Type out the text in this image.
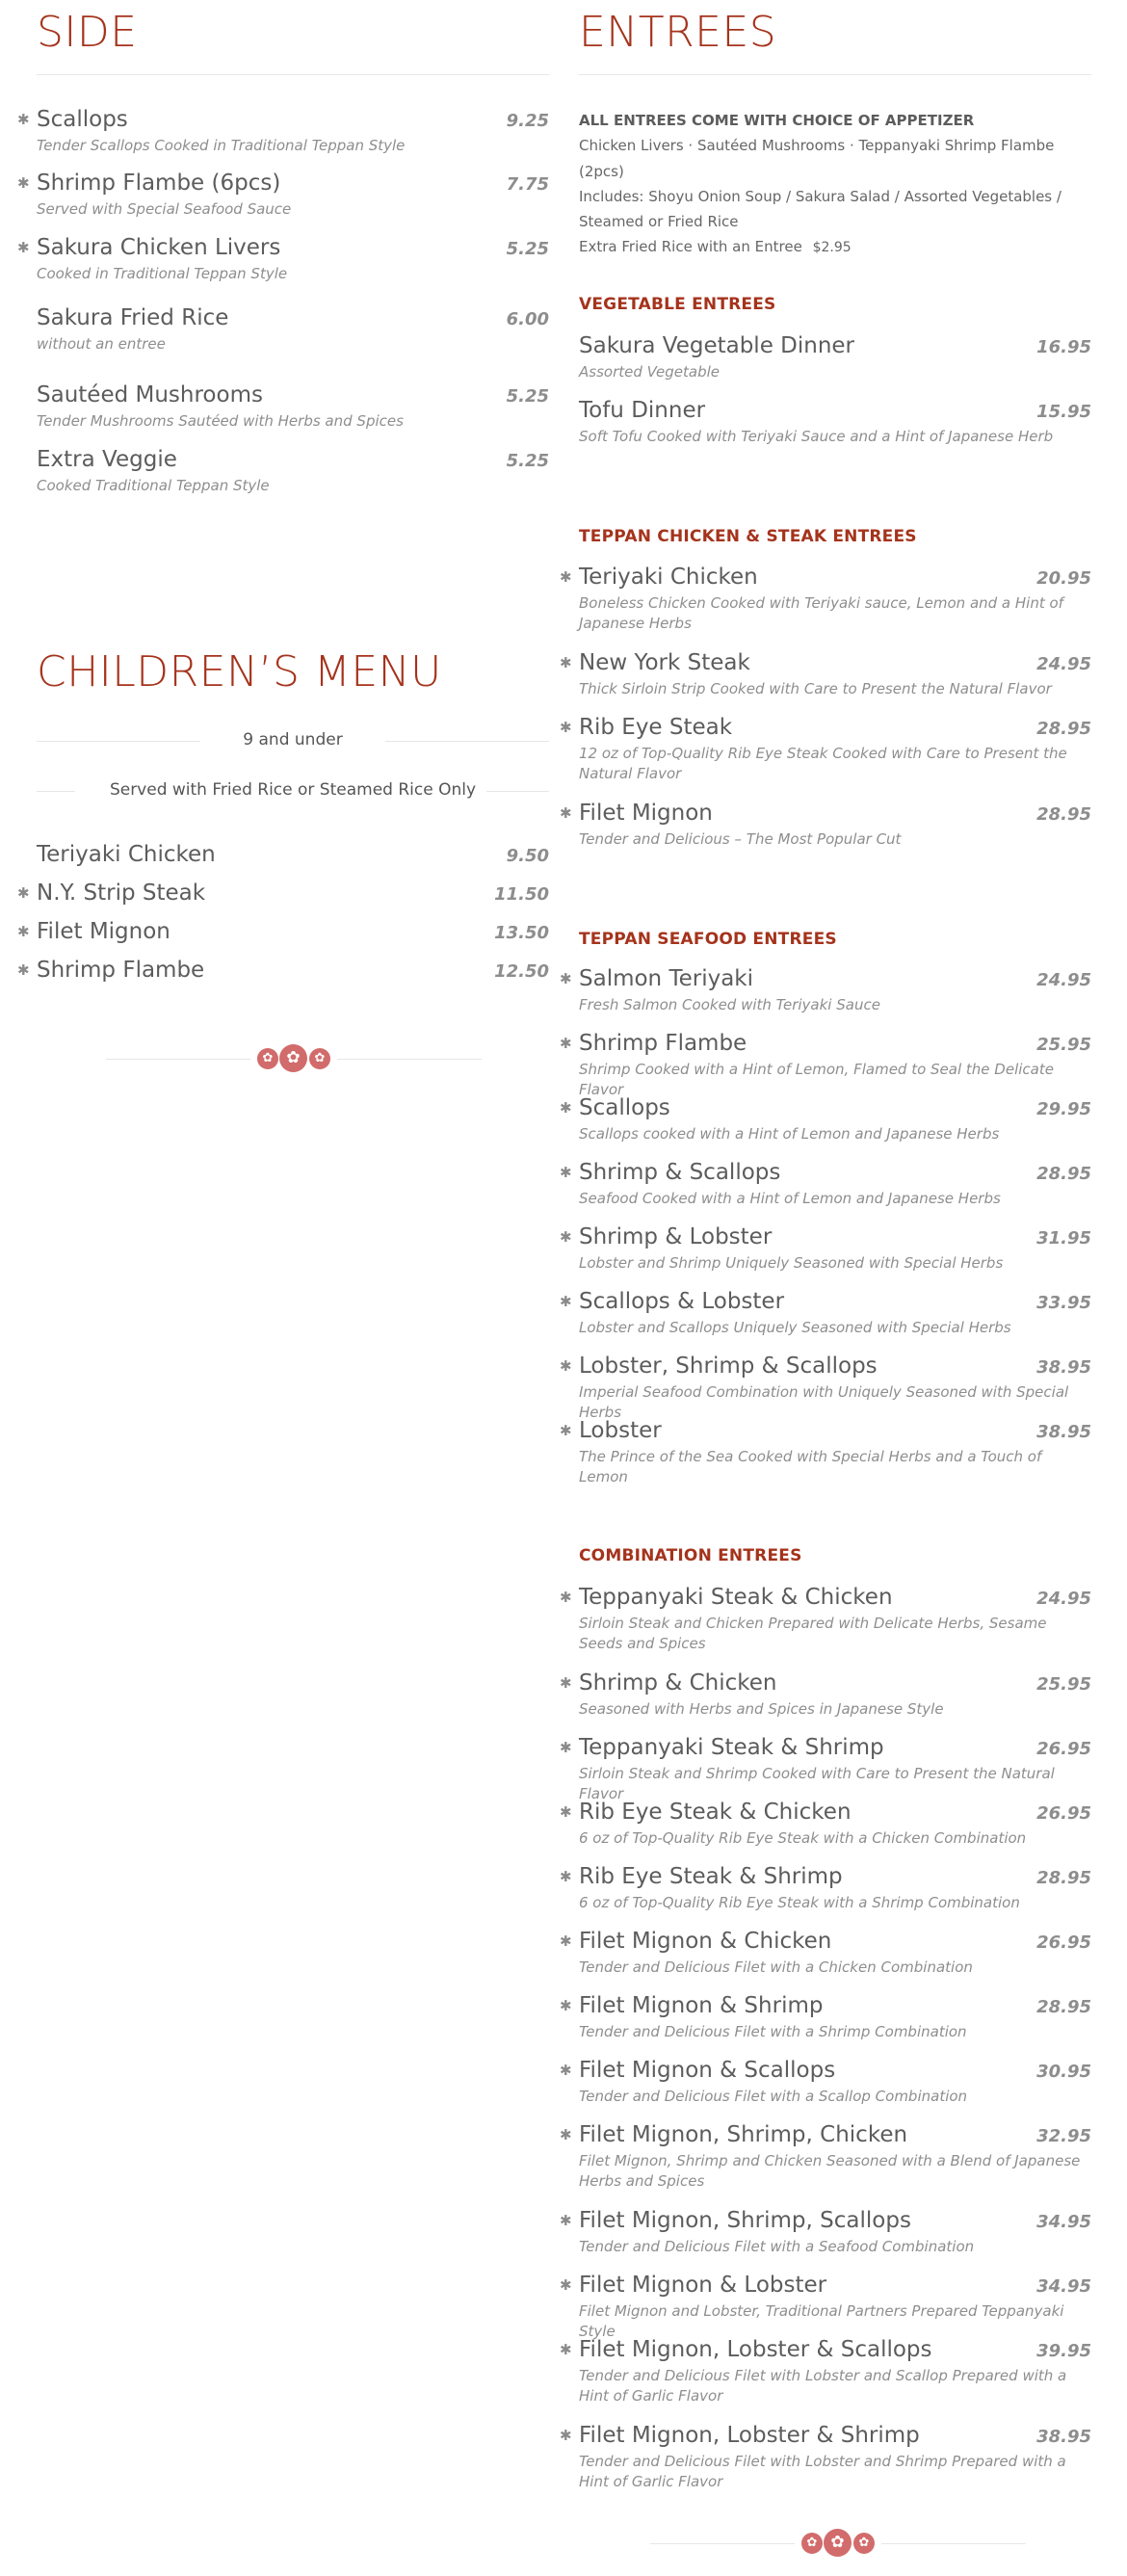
SIDE
✱ Scallops	9.25
Tender Scallops Cooked in Traditional Teppan Style
✱ Shrimp Flambe (6pcs)	7.75
Served with Special Seafood Sauce
✱ Sakura Chicken Livers	5.25
Cooked in Traditional Teppan Style
Sakura Fried Rice	6.00
without an entree
Sautéed Mushrooms	5.25
Tender Mushrooms Sautéed with Herbs and Spices
Extra Veggie	5.25
Cooked Traditional Teppan Style
CHILDREN’S MENU
9 and under
Served with Fried Rice or Steamed Rice Only
Teriyaki Chicken	9.50
✱ N.Y. Strip Steak	11.50
✱ Filet Mignon	13.50
✱ Shrimp Flambe	12.50
✿
✿
✿
ENTREES
ALL ENTREES COME WITH CHOICE OF APPETIZER
Chicken Livers · Sautéed Mushrooms · Teppanyaki Shrimp Flambe (2pcs)
Includes: Shoyu Onion Soup / Sakura Salad / Assorted Vegetables / Steamed or Fried Rice
Extra Fried Rice with an Entree $2.95
VEGETABLE ENTREES
Sakura Vegetable Dinner	16.95
Assorted Vegetable
Tofu Dinner	15.95
Soft Tofu Cooked with Teriyaki Sauce and a Hint of Japanese Herb
TEPPAN CHICKEN & STEAK ENTREES
✱ Teriyaki Chicken	20.95
Boneless Chicken Cooked with Teriyaki sauce, Lemon and a Hint of Japanese Herbs
✱ New York Steak	24.95
Thick Sirloin Strip Cooked with Care to Present the Natural Flavor
✱ Rib Eye Steak	28.95
12 oz of Top-Quality Rib Eye Steak Cooked with Care to Present the Natural Flavor
✱ Filet Mignon	28.95
Tender and Delicious – The Most Popular Cut
TEPPAN SEAFOOD ENTREES
✱ Salmon Teriyaki	24.95
Fresh Salmon Cooked with Teriyaki Sauce
✱ Shrimp Flambe	25.95
Shrimp Cooked with a Hint of Lemon, Flamed to Seal the Delicate Flavor
✱ Scallops	29.95
Scallops cooked with a Hint of Lemon and Japanese Herbs
✱ Shrimp & Scallops	28.95
Seafood Cooked with a Hint of Lemon and Japanese Herbs
✱ Shrimp & Lobster	31.95
Lobster and Shrimp Uniquely Seasoned with Special Herbs
✱ Scallops & Lobster	33.95
Lobster and Scallops Uniquely Seasoned with Special Herbs
✱ Lobster, Shrimp & Scallops	38.95
Imperial Seafood Combination with Uniquely Seasoned with Special Herbs
✱ Lobster	38.95
The Prince of the Sea Cooked with Special Herbs and a Touch of Lemon
COMBINATION ENTREES
✱ Teppanyaki Steak & Chicken	24.95
Sirloin Steak and Chicken Prepared with Delicate Herbs, Sesame Seeds and Spices
✱ Shrimp & Chicken	25.95
Seasoned with Herbs and Spices in Japanese Style
✱ Teppanyaki Steak & Shrimp	26.95
Sirloin Steak and Shrimp Cooked with Care to Present the Natural Flavor
✱ Rib Eye Steak & Chicken	26.95
6 oz of Top-Quality Rib Eye Steak with a Chicken Combination
✱ Rib Eye Steak & Shrimp	28.95
6 oz of Top-Quality Rib Eye Steak with a Shrimp Combination
✱ Filet Mignon & Chicken	26.95
Tender and Delicious Filet with a Chicken Combination
✱ Filet Mignon & Shrimp	28.95
Tender and Delicious Filet with a Shrimp Combination
✱ Filet Mignon & Scallops	30.95
Tender and Delicious Filet with a Scallop Combination
✱ Filet Mignon, Shrimp, Chicken	32.95
Filet Mignon, Shrimp and Chicken Seasoned with a Blend of Japanese Herbs and Spices
✱ Filet Mignon, Shrimp, Scallops	34.95
Tender and Delicious Filet with a Seafood Combination
✱ Filet Mignon & Lobster	34.95
Filet Mignon and Lobster, Traditional Partners Prepared Teppanyaki Style
✱ Filet Mignon, Lobster & Scallops	39.95
Tender and Delicious Filet with Lobster and Scallop Prepared with a Hint of Garlic Flavor
✱ Filet Mignon, Lobster & Shrimp	38.95
Tender and Delicious Filet with Lobster and Shrimp Prepared with a Hint of Garlic Flavor
✿
✿
✿
